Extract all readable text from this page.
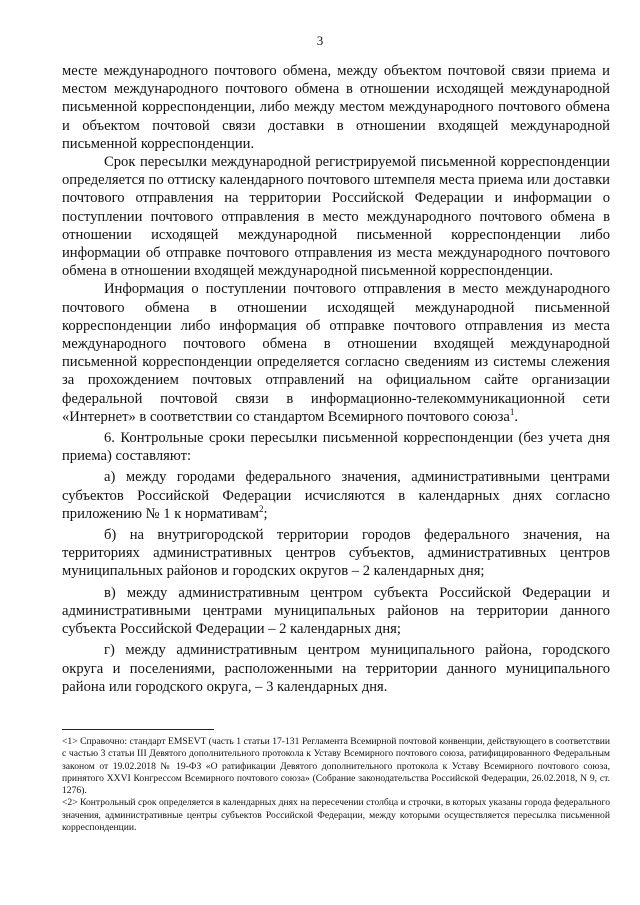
3

месте международного почтового обмена, между объектом почтовой связи приема и местом международного почтового обмена в отношении исходящей международной письменной корреспонденции, либо между местом международного почтового обмена и объектом почтовой связи доставки в отношении входящей международной письменной корреспонденции.

Срок пересылки международной регистрируемой письменной корреспонденции определяется по оттиску календарного почтового штемпеля места приема или доставки почтового отправления на территории Российской Федерации и информации о поступлении почтового отправления в место международного почтового обмена в отношении исходящей международной письменной корреспонденции либо информации об отправке почтового отправления из места международного почтового обмена в отношении входящей международной письменной корреспонденции.

Информация о поступлении почтового отправления в место международного почтового обмена в отношении исходящей международной письменной корреспонденции либо информация об отправке почтового отправления из места международного почтового обмена в отношении входящей международной письменной корреспонденции определяется согласно сведениям из системы слежения за прохождением почтовых отправлений на официальном сайте организации федеральной почтовой связи в информационно-телекоммуникационной сети «Интернет» в соответствии со стандартом Всемирного почтового союза$^1$.

6. Контрольные сроки пересылки письменной корреспонденции (без учета дня приема) составляют:

а) между городами федерального значения, административными центрами субъектов Российской Федерации исчисляются в календарных днях согласно приложению № 1 к нормативам$^2$;

б) на внутригородской территории городов федерального значения, на территориях административных центров субъектов, административных центров муниципальных районов и городских округов – 2 календарных дня;

в) между административным центром субъекта Российской Федерации и административными центрами муниципальных районов на территории данного субъекта Российской Федерации – 2 календарных дня;

г) между административным центром муниципального района, городского округа и поселениями, расположенными на территории данного муниципального района или городского округа, – 3 календарных дня.

<1> Справочно: стандарт EMSEVT (часть 1 статьи 17-131 Регламента Всемирной почтовой конвенции, действующего в соответствии с частью 3 статьи III Девятого дополнительного протокола к Уставу Всемирного почтового союза, ратифицированного Федеральным законом от 19.02.2018 № 19-ФЗ «О ратификации Девятого дополнительного протокола к Уставу Всемирного почтового союза, принятого XXVI Конгрессом Всемирного почтового союза» (Собрание законодательства Российской Федерации, 26.02.2018, N 9, ст. 1276).

<2> Контрольный срок определяется в календарных днях на пересечении столбца и строчки, в которых указаны города федерального значения, административные центры субъектов Российской Федерации, между которыми осуществляется пересылка письменной корреспонденции.
